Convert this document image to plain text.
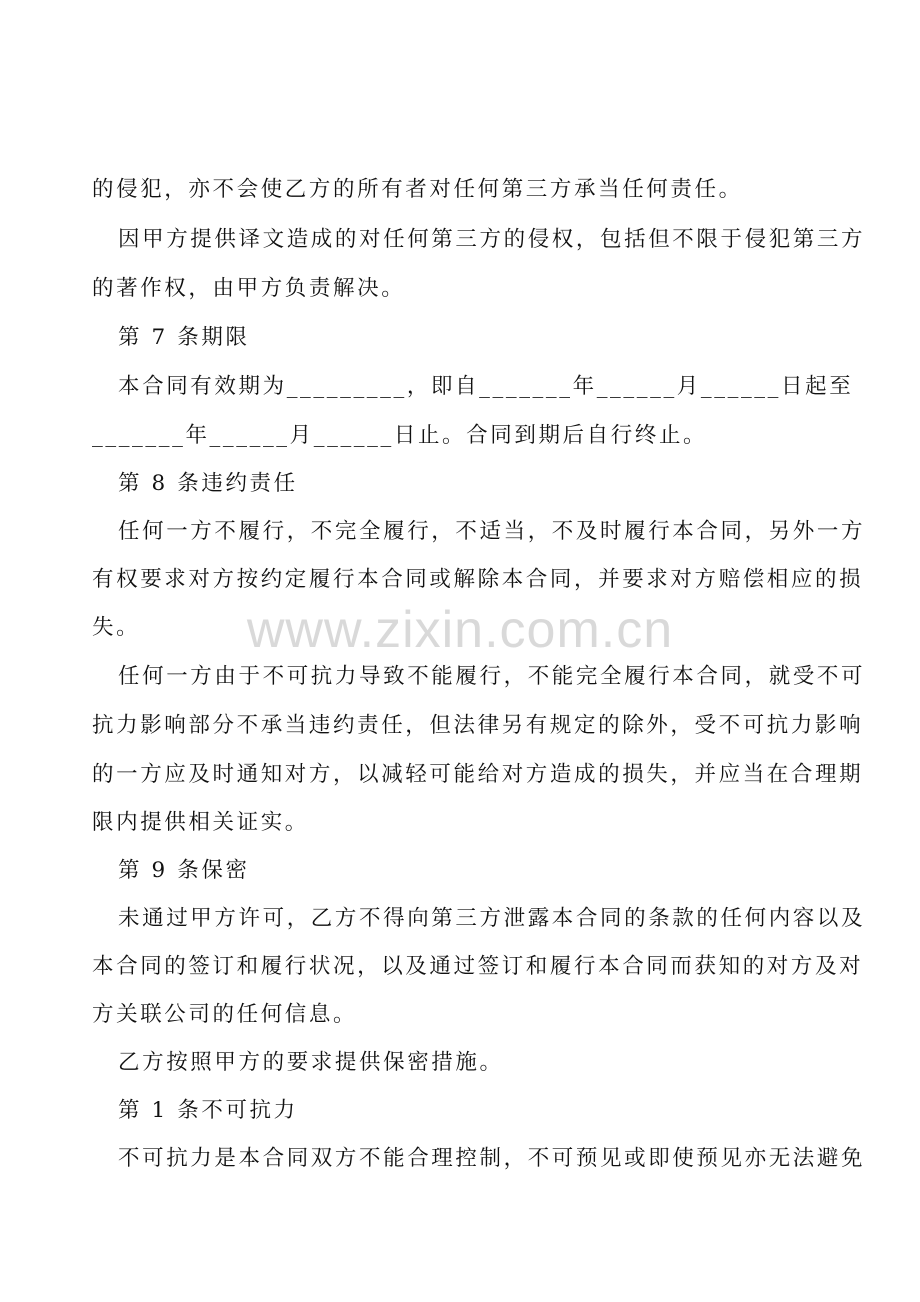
www.zixin.com.cn
的侵犯，亦不会使乙方的所有者对任何第三方承当任何责任。
因甲方提供译文造成的对任何第三方的侵权，包括但不限于侵犯第三方
的著作权，由甲方负责解决。
第 7 条期限
本合同有效期为_________，即自_______年______月______日起至
_______年______月______日止。合同到期后自行终止。
第 8 条违约责任
任何一方不履行，不完全履行，不适当，不及时履行本合同，另外一方
有权要求对方按约定履行本合同或解除本合同，并要求对方赔偿相应的损
失。
任何一方由于不可抗力导致不能履行，不能完全履行本合同，就受不可
抗力影响部分不承当违约责任，但法律另有规定的除外，受不可抗力影响
的一方应及时通知对方，以减轻可能给对方造成的损失，并应当在合理期
限内提供相关证实。
第 9 条保密
未通过甲方许可，乙方不得向第三方泄露本合同的条款的任何内容以及
本合同的签订和履行状况，以及通过签订和履行本合同而获知的对方及对
方关联公司的任何信息。
乙方按照甲方的要求提供保密措施。
第 1 条不可抗力
不可抗力是本合同双方不能合理控制，不可预见或即使预见亦无法避免
